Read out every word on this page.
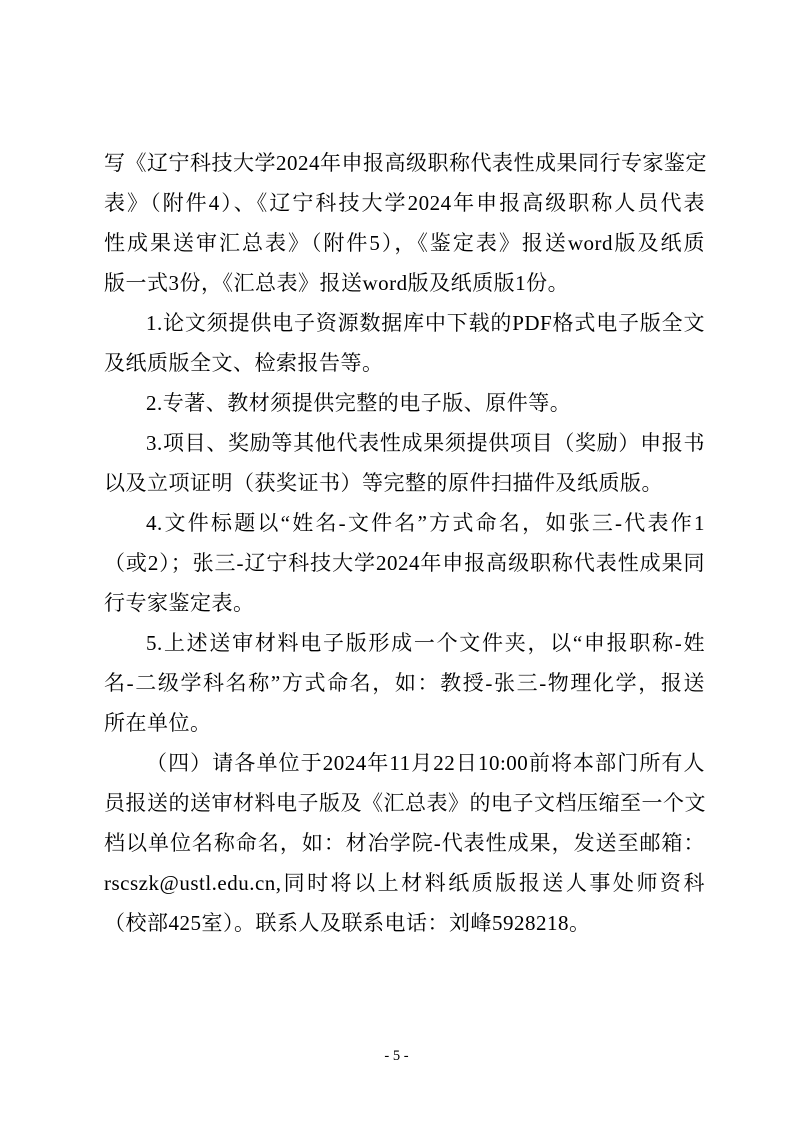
写《辽宁科技大学2024年申报高级职称代表性成果同行专家鉴定
表》（附件4）、《辽宁科技大学2024年申报高级职称人员代表
性成果送审汇总表》（附件5），《鉴定表》报送word版及纸质
版一式3份，《汇总表》报送word版及纸质版1份。
1.论文须提供电子资源数据库中下载的PDF格式电子版全文
及纸质版全文、检索报告等。
2.专著、教材须提供完整的电子版、原件等。
3.项目、奖励等其他代表性成果须提供项目（奖励）申报书
以及立项证明（获奖证书）等完整的原件扫描件及纸质版。
4.文件标题以“姓名-文件名”方式命名，如张三-代表作1
（或2）；张三-辽宁科技大学2024年申报高级职称代表性成果同
行专家鉴定表。
5.上述送审材料电子版形成一个文件夹，以“申报职称-姓
名-二级学科名称”方式命名，如：教授-张三-物理化学，报送
所在单位。
（四）请各单位于2024年11月22日10:00前将本部门所有人
员报送的送审材料电子版及《汇总表》的电子文档压缩至一个文
档以单位名称命名，如：材冶学院-代表性成果，发送至邮箱：
rscszk@ustl.edu.cn,同时将以上材料纸质版报送人事处师资科
（校部425室）。联系人及联系电话：刘峰5928218。
- 5 -
